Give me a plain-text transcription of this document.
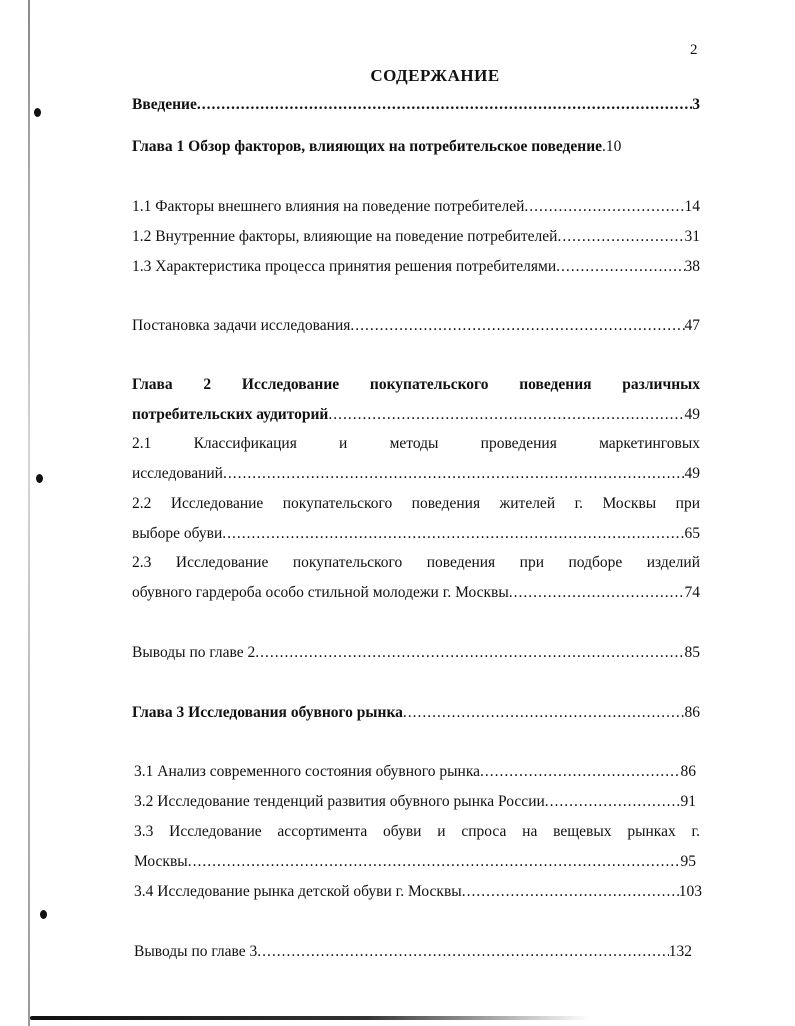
2
СОДЕРЖАНИЕ
Введение .....	3
Глава 1 Обзор факторов, влияющих на потребительское поведение .10
1.1 Факторы внешнего влияния на поведение потребителей .....	14
1.2 Внутренние факторы, влияющие на поведение потребителей .....	31
1.3 Характеристика процесса принятия решения потребителями .....	38
Постановка задачи исследования .....	47
Глава 2 Исследование покупательского поведения различных
потребительских аудиторий .....	49
2.1 Классификация и методы проведения маркетинговых
исследований .....	49
2.2 Исследование покупательского поведения жителей г. Москвы при
выборе обуви .....	65
2.3 Исследование покупательского поведения при подборе изделий
обувного гардероба особо стильной молодежи г. Москвы .....	74
Выводы по главе 2 .....	85
Глава 3 Исследования обувного рынка .....	86
3.1 Анализ современного состояния обувного рынка .....	86
3.2 Исследование тенденций развития обувного рынка России .....	91
3.3 Исследование ассортимента обуви и спроса на вещевых рынках г.
Москвы .....	95
3.4 Исследование рынка детской обуви г. Москвы .....	103
Выводы по главе 3 .....	132
